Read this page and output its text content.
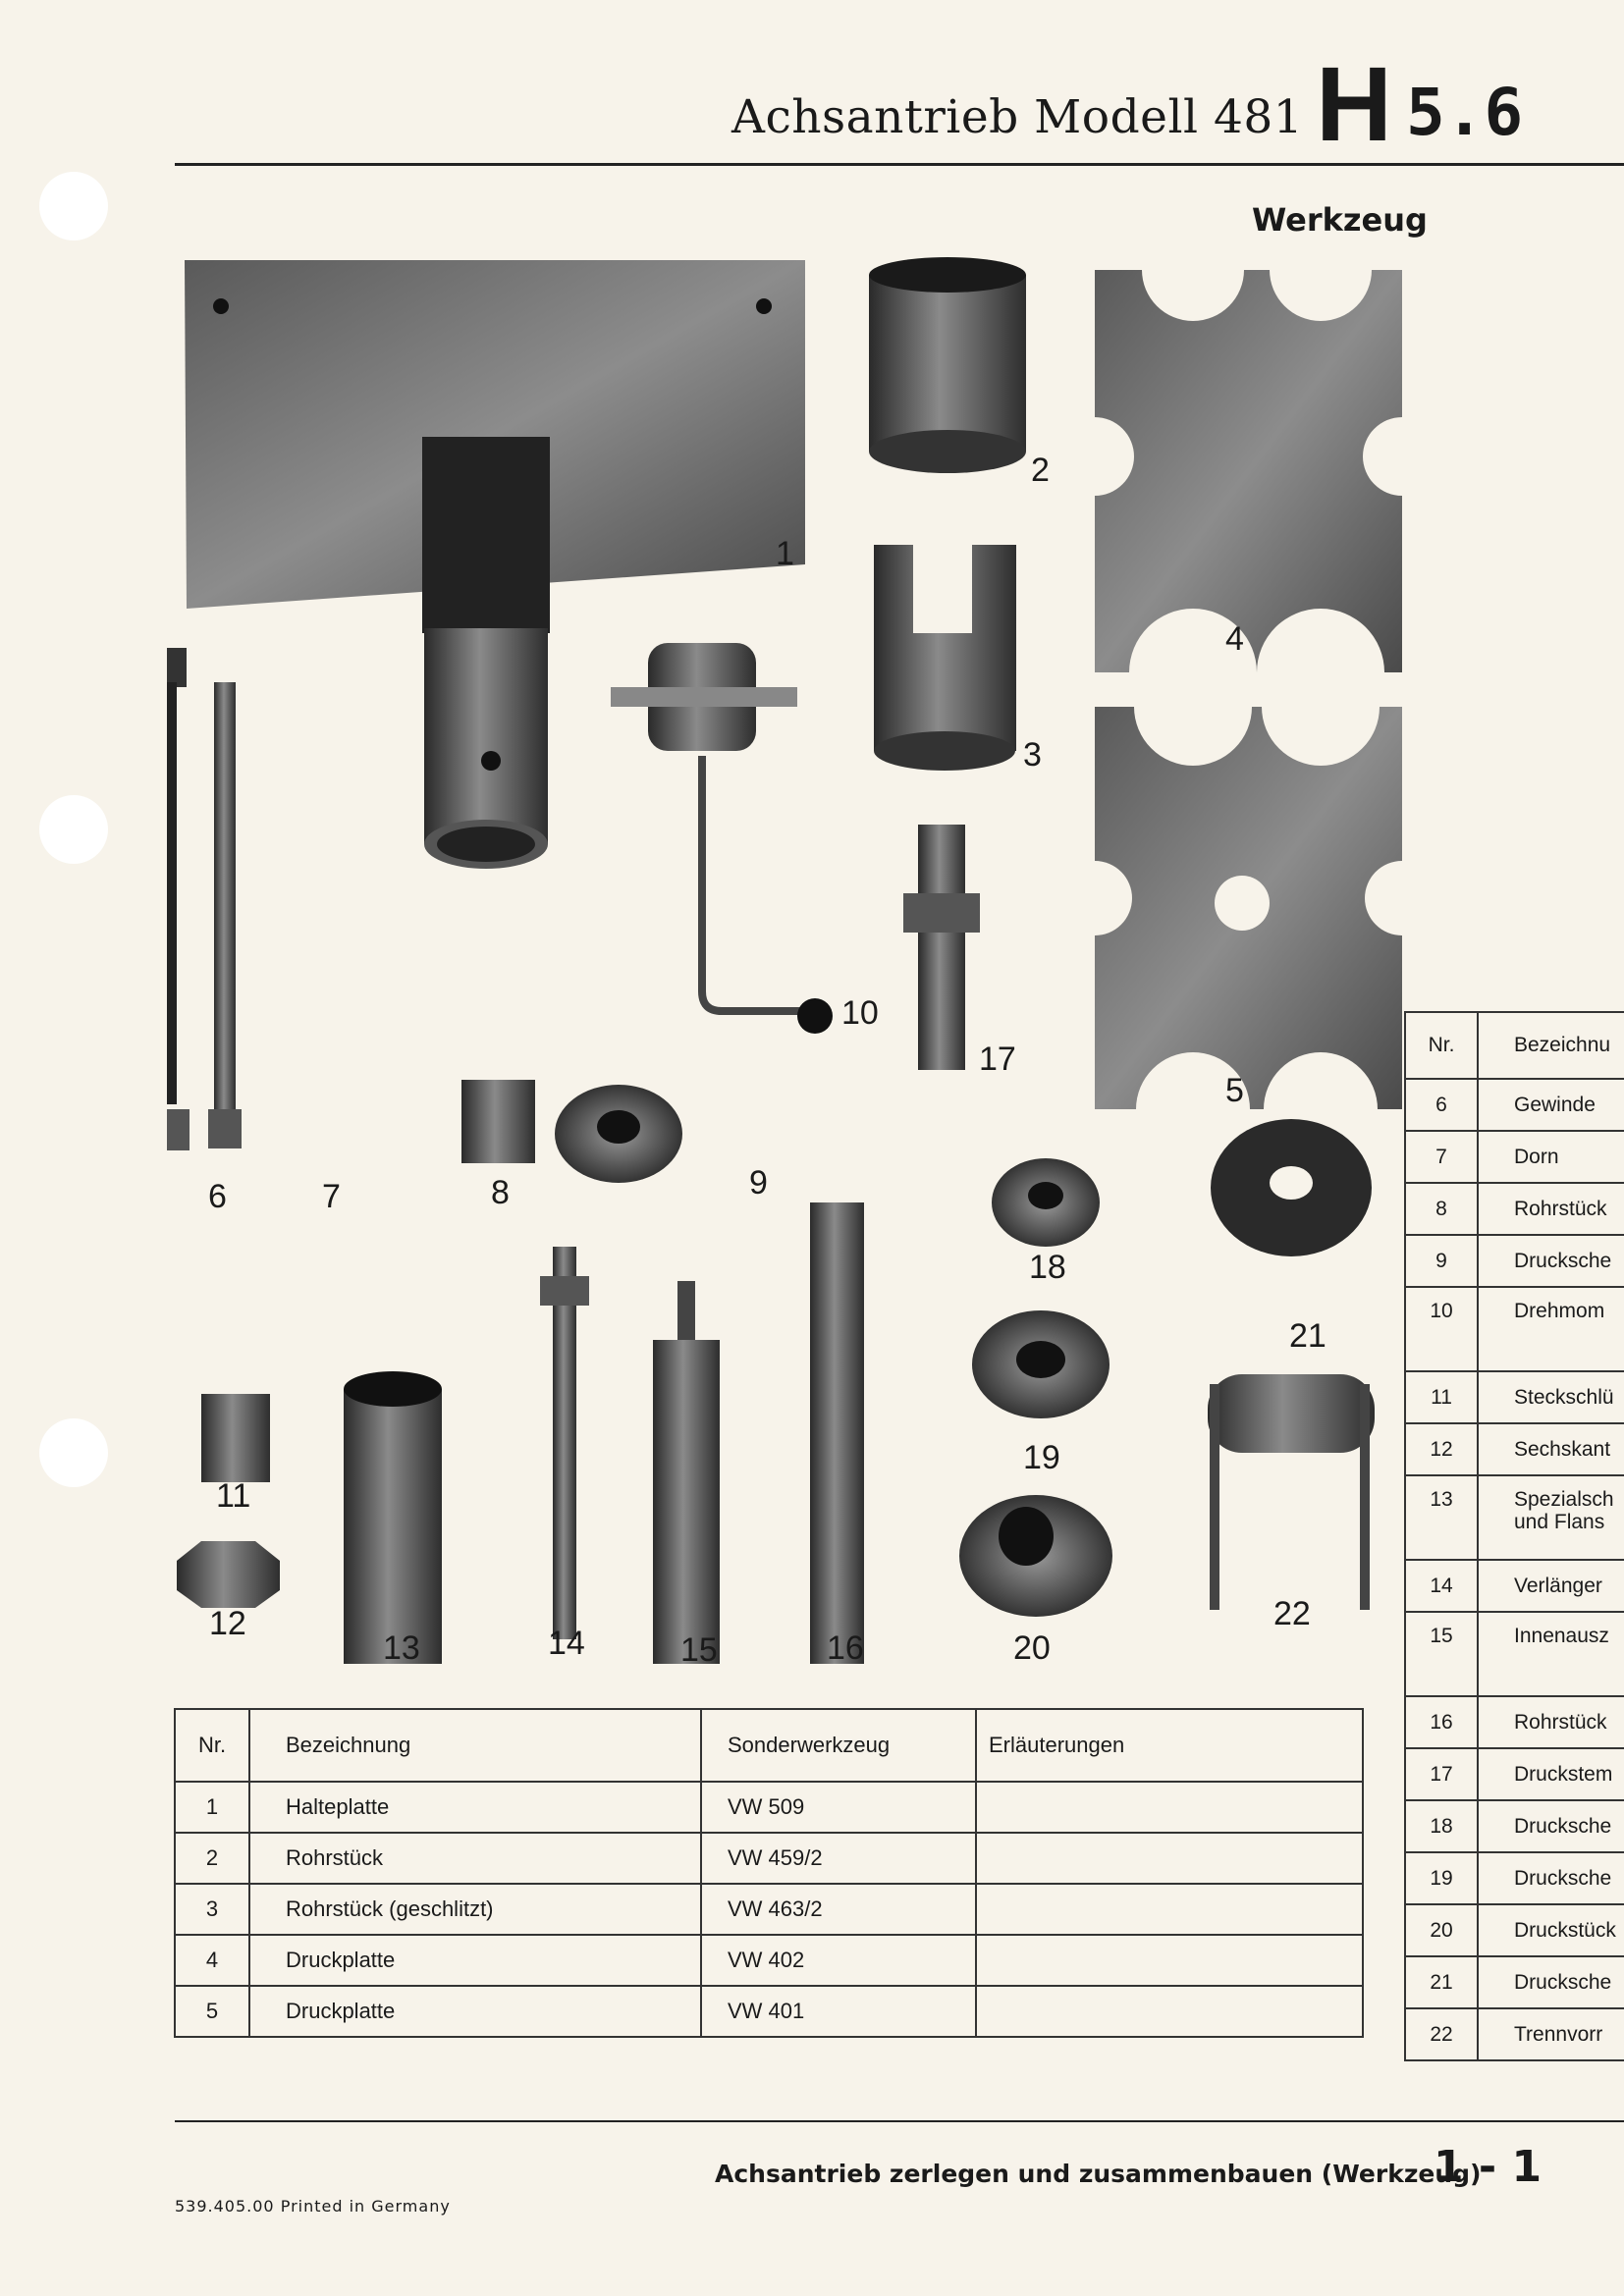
Achsantrieb Modell 481 H 5.6
Werkzeug
1
2
3
4
5
6	7	8	9
10
11
12
13	14	15	16
17
18
19
20
21
22
Nr.	Bezeichnung	Sonderwerkzeug	Erläuterungen
1	Halteplatte	VW 509	
2	Rohrstück	VW 459/2	
3	Rohrstück (geschlitzt)	VW 463/2	
4	Druckplatte	VW 402	
5	Druckplatte	VW 401	
Nr.	Bezeichnu
6	Gewinde
7	Dorn
8	Rohrstück
9	Drucksche
10	Drehmom
11	Steckschlü
12	Sechskant
13	Spezialsch und Flans
14	Verlänger
15	Innenausz
16	Rohrstück
17	Druckstem
18	Drucksche
19	Drucksche
20	Druckstück
21	Drucksche
22	Trennvorr
Achsantrieb zerlegen und zusammenbauen (Werkzeug)
1 - 1
539.405.00 Printed in Germany
